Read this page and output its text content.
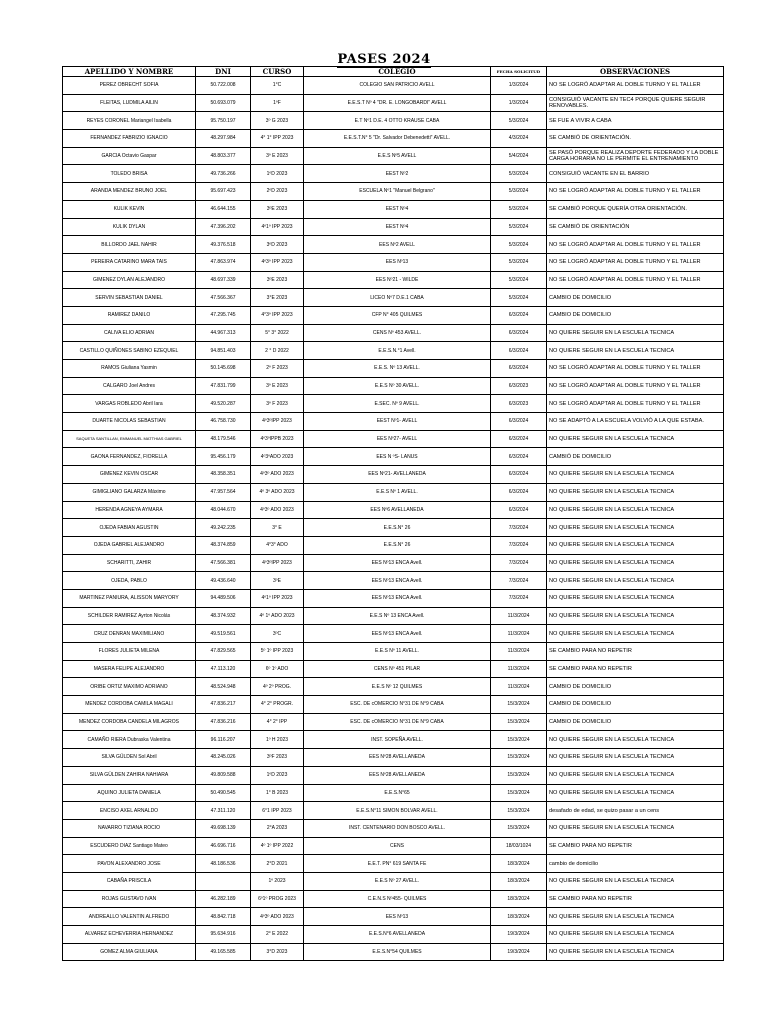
PASES 2024
APELLIDO Y NOMBRE	DNI	CURSO	COLEGIO	FECHA SOLICITUD	OBSERVACIONES
PEREZ OBRECHT SOFIA	50.722.008	1°C	COLEGIO SAN PATRICIO AVELL	1/3/2024	NO SE LOGRÓ ADAPTAR AL DOBLE TURNO Y EL TALLER
FLEITAS, LUDMILA AILIN	50.693.079	1ºF	E.E.S.T Nº 4 "DR. E. LONGOBARDI" AVELL	1/3/2024	CONSIGUIÓ VACANTE EN TEC4 PORQUE QUIERE SEGUIR RENOVABLES.
REYES CORONEL Mariangel Isabella	95.750.197	3º G 2023	E.T Nº1 D.E. 4 OTTO KRAUSE CABA	5/3/2024	SE FUE A VIVIR A CABA
FERNANDEZ FABRIZIO IGNACIO	48.297.984	4° 1° IPP 2023	E.E.S.T.N° 5 "Dr. Salvador Debenedetti" AVELL.	4/3/2024	SE CAMBIÓ DE ORIENTACIÓN.
GARCIA Octavio Gaspar	48.803.377	3º E 2023	E.E.S Nº5 AVELL	5/4/2024	SE PASÓ PORQUE REALIZA DEPORTE FEDERADO Y LA DOBLE CARGA HORARIA NO LE PERMITE EL ENTRENAMIENTO
TOLEDO BRISA	49.736.266	1ºD 2023	EEST Nº2	5/3/2024	CONSIGUIÓ VACANTE EN EL BARRIO
ARANDA MENDEZ BRUNO JOEL	95.697.423	2ºD 2023	ESCUELA Nº1 "Manuel Belgrano"	5/3/2024	NO SE LOGRÓ ADAPTAR AL DOBLE TURNO Y EL TALLER
KULIK KEVIN	46.644.155	3ºE 2023	EEST Nº4	5/3/2024	SE CAMBIÓ PORQUE QUERÍA OTRA ORIENTACIÓN.
KULIK DYLAN	47.396.202	4º1º IPP 2023	EEST Nº4	5/3/2024	SE CAMBIÓ DE ORIENTACIÓN
BILLORDO JAEL NAHIR	49.376.518	3ºD 2023	EES Nº2 AVELL	5/3/2024	NO SE LOGRÓ ADAPTAR AL DOBLE TURNO Y EL TALLER
PEREIRA CATARINO MARA TAIS	47.863.974	4º3º IPP 2023	EES Nº13	5/3/2024	NO SE LOGRÓ ADAPTAR AL DOBLE TURNO Y EL TALLER
GIMENEZ DYLAN ALEJANDRO	48.697.339	3ºE 2023	EES Nº21 - WILDE	5/3/2024	NO SE LOGRÓ ADAPTAR AL DOBLE TURNO Y EL TALLER
SERVIN SEBASTIAN DANIEL	47.566.367	3°E 2023	LICEO Nº7 D.E.1 CABA	5/3/2024	CAMBIO DE DOMICILIO
RAMIREZ DANILO	47.295.745	4°3º IPP 2023	CFP N° 405 QUILMES	6/3/2024	CAMBIO DE DOMICILIO
CALIVA ELIO ADRIAN	44.967.313	5° 3° 2022	CENS Nº 453 AVELL.	6/3/2024	NO QUIERE SEGUIR EN LA ESCUELA TECNICA
CASTILLO QUIÑONES SABINO EZEQUIEL	94.851.403	2 ° D 2022	E.E.S.N.°1 Avell.	6/3/2024	NO QUIERE SEGUIR EN LA ESCUELA TECNICA
RAMOS Giuliana Yasmin	50.145.698	2º F 2023	E.E.S. Nº 13 AVELL.	6/3/2024	NO SE LOGRÓ ADAPTAR AL DOBLE TURNO Y EL TALLER
CALGARO Joel Andres	47.831.799	3º E 2023	E.E.S Nº 30 AVELL.	6/3/2023	NO SE LOGRÓ ADAPTAR AL DOBLE TURNO Y EL TALLER
VARGAS ROBLEDO Abril Iara	49.520.287	3º F 2023	E.SEC. Nº 9 AVELL.	6/3/2023	NO SE LOGRÓ ADAPTAR AL DOBLE TURNO Y EL TALLER
DUARTE NICOLAS SEBASTIAN	46.758.730	4º3ºIPP 2023	EEST Nº1- AVELL	6/3/2024	NO SE ADAPTÓ A LA ESCUELA VOLVIÓ A LA QUE ESTABA.
SAQUETA SANTILLAN, EMMANUEL MATTHIAS GABRIEL	48.179.546	4º3ºIPPB 2023	EES Nº27- AVELL	6/3/2024	NO QUIERE SEGUIR EN LA ESCUELA TECNICA
GAONA FERNANDEZ, FIORELLA	95.456.179	4º3ºADO 2023	EES N ºS- LANUS	6/3/2024	CAMBIÓ DE DOMICILIO
GIMENEZ KEVIN OSCAR	48.358.351	4º3º ADO 2023	EES Nº21- AVELLANEDA	6/3/2024	NO QUIERE SEGUIR EN LA ESCUELA TECNICA
GIMIGLIANO GALARZA Máximo	47.957.564	4º 3º ADO 2023	E.E.S Nº 1 AVELL.	6/3/2024	NO QUIERE SEGUIR EN LA ESCUELA TECNICA
HERENDA AGNEYA AYMARA	48.044.670	4º3º ADO 2023	EES Nº6 AVELLANEDA	6/3/2024	NO QUIERE SEGUIR EN LA ESCUELA TECNICA
OJEDA FABIAN AGUSTIN	49.242.235	3° E	E.E.S.N° 26	7/3/2024	NO QUIERE SEGUIR EN LA ESCUELA TECNICA
OJEDA GABRIEL ALEJANDRO	48.374.859	4°3° ADO	E.E.S.N° 26	7/3/2024	NO QUIERE SEGUIR EN LA ESCUELA TECNICA
SCHARITTI, ZAHIR	47.566.381	4º3ºIPP 2023	EES Nº13 ENCA Avell.	7/3/2024	NO QUIERE SEGUIR EN LA ESCUELA TECNICA
OJEDA, PABLO	49.436.640	3ºE	EES Nº13 ENCA Avell.	7/3/2024	NO QUIERE SEGUIR EN LA ESCUELA TECNICA
MARTINEZ PANIURA, ALISSON MARYORY	94.489.506	4º1º IPP 2023	EES Nº13 ENCA Avell.	7/3/2024	NO QUIERE SEGUIR EN LA ESCUELA TECNICA
SCHILDER RAMIREZ Ayrton Nicolás	48.374.932	4º 1º ADO 2023	E.E.S Nº 13 ENCA Avell.	11/3/2024	NO QUIERE SEGUIR EN LA ESCUELA TECNICA
CRUZ DENRAN MAXIMILIANO	49.519.561	3ºC	EES Nº13 ENCA Avell.	11/3/2024	NO QUIERE SEGUIR EN LA ESCUELA TECNICA
FLORES JULIETA MILENA	47.829.565	5º 1º IPP 2023	E.E.S Nº 11 AVELL.	11/3/2024	SE CAMBIO PARA NO REPETIR
MASERA FELIPE ALEJANDRO	47.113.120	6º 1º ADO	CENS Nº 451 PILAR	11/3/2024	SE CAMBIO PARA NO REPETIR
ORIBE ORTIZ MAXIMO ADRIANO	48.524.948	4º 2º PROG.	E.E.S Nº 12 QUILMES	11/3/2024	CAMBIO DE DOMICILIO
MENDEZ CORDOBA CAMILA MAGALI	47.836.217	4° 2° PROGR.	ESC. DE cOMERCIO N°31 DE N°9 CABA	15/3/2024	CAMBIO DE DOMICILIO
MENDEZ CORDOBA CANDELA MILAGROS	47.836.216	4° 2° IPP	ESC. DE cOMERCIO N°31 DE N°9 CABA	15/3/2024	CAMBIO DE DOMICILIO
CAMAÑO RIERA Dubraska Valentina	96.116.207	1º H 2023	INST. SOPEÑA AVELL.	15/3/2024	NO QUIERE SEGUIR EN LA ESCUELA TECNICA
SILVA GÜLDEN Sol Abril	48.245.026	3ºF 2023	EES Nº28 AVELLANEDA	15/3/2024	NO QUIERE SEGUIR EN LA ESCUELA TECNICA
SILVA GÜLDEN ZAHIRA NAHIARA	49.809.588	1ºD 2023	EES Nº28 AVELLANEDA	15/3/2024	NO QUIERE SEGUIR EN LA ESCUELA TECNICA
AQUINO JULIETA DANIELA	50.490.545	1° B 2023	E.E.S.N°65	15/3/2024	NO QUIERE SEGUIR EN LA ESCUELA TECNICA
ENCISO AXEL ARNALDO	47.311.120	6°1 IPP 2023	E.E.S.N°11 SIMON BOLVAR AVELL.	15/3/2024	desafado de edad, se quizo pasar a un cens
NAVARRO TIZIANA ROCIO	49.698.139	2°A 2023	INST. CENTENARIO DON BOSCO AVELL.	15/3/2024	NO QUIERE SEGUIR EN LA ESCUELA TECNICA
ESCUDERO DIAZ Santiago Mateo	46.696.716	4º 1º IPP 2022	CENS	18/03/1024	SE CAMBIO PARA NO REPETIR
PAVON ALEXANDRO JOSE	48.186.536	2°D 2021	E.E.T. PN° 619 SANTA FE	18/3/2024	cambio de domicilio
CABAÑA PRISCILA		1º 2023	E.E.S Nº 27 AVELL.	18/3/2024	NO QUIERE SEGUIR EN LA ESCUELA TECNICA
ROJAS GUSTAVO IVAN	46.282.189	6º1º PROG 2023	C.E.N.S Nº455- QUILMES	18/3/2024	SE CAMBIO PARA NO REPETIR
ANDREALLO VALENTIN ALFREDO	48.842.718	4º3º ADO 2023	EES Nº13	18/3/2024	NO QUIERE SEGUIR EN LA ESCUELA TECNICA
ALVAREZ ECHEVERRIA HERNANDEZ	95.634.916	2° E 2022	E.E.S.N°6 AVELLANEDA	19/3/2024	NO QUIERE SEGUIR EN LA ESCUELA TECNICA
GOMEZ ALMA GIULIANA	49.165.585	3°D 2023	E.E.S.N°54 QUILMES	19/3/2024	NO QUIERE SEGUIR EN LA ESCUELA TECNICA
